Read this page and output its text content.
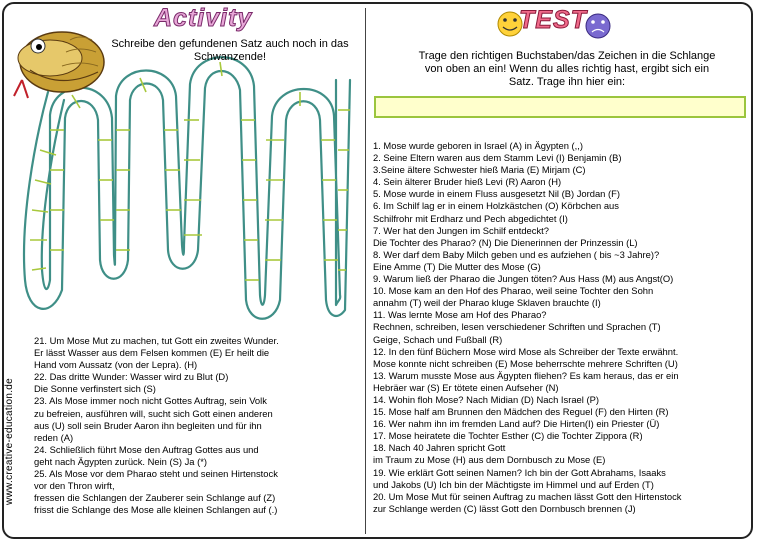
Activity	TEST
Schreibe den gefundenen Satz auch noch in das Schwanzende!	Trage den richtigen Buchstaben/das Zeichen in die Schlange von oben an ein! Wenn du alles richtig hast, ergibt sich ein Satz. Trage ihn hier ein:
1. Mose wurde geboren in Israel (A) in Ägypten (,,)
2. Seine Eltern waren aus dem Stamm Levi (I) Benjamin (B)
3.Seine ältere Schwester hieß Maria (E) Mirjam (C)
4. Sein älterer Bruder hieß Levi (R) Aaron (H)
5. Mose wurde in einem Fluss ausgesetzt Nil (B) Jordan (F)
6. Im Schilf lag er in einem Holzkästchen (O) Körbchen aus
Schilfrohr mit Erdharz und Pech abgedichtet (I)
7. Wer hat den Jungen im Schilf entdeckt?
Die Tochter des Pharao? (N) Die Dienerinnen der Prinzessin (L)
8. Wer darf dem Baby Milch geben und es aufziehen ( bis ~3 Jahre)?
Eine Amme (T) Die Mutter des Mose (G)
9. Warum ließ der Pharao die Jungen töten? Aus Hass (M) aus Angst(O)
10. Mose kam an den Hof des Pharao, weil seine Tochter den Sohn
annahm (T) weil der Pharao kluge Sklaven brauchte (I)
11. Was lernte Mose am Hof des Pharao?
Rechnen, schreiben, lesen verschiedener Schriften und Sprachen (T)
Geige, Schach und Fußball (R)
12. In den fünf Büchern Mose wird Mose als Schreiber der Texte erwähnt.
Mose konnte nicht schreiben (E) Mose beherrschte mehrere Schriften (U)
13. Warum musste Mose aus Ägypten fliehen? Es kam heraus, das er ein
Hebräer war (S) Er tötete einen Aufseher (N)
14. Wohin floh Mose? Nach Midian (D) Nach Israel (P)
15. Mose half am Brunnen den Mädchen des Reguel (F) den Hirten (R)
16. Wer nahm ihn im fremden Land auf? Die Hirten(I) ein Priester (Ü)
17. Mose heiratete die Tochter Esther (C) die Tochter Zippora (R)
18. Nach 40 Jahren spricht Gott
im Traum zu Mose (H) aus dem Dornbusch zu Mose (E)
19. Wie erklärt Gott seinen Namen? Ich bin der Gott Abrahams, Isaaks
und Jakobs (U) Ich bin der Mächtigste im Himmel und auf Erden (T)
20. Um Mose Mut für seinen Auftrag zu machen lässt Gott den Hirtenstock
zur Schlange werden (C) lässt Gott den Dornbusch brennen (J)
21. Um Mose Mut zu machen, tut Gott ein zweites Wunder.
Er lässt Wasser aus dem Felsen kommen (E) Er heilt die
Hand vom Aussatz (von der Lepra). (H)
22. Das dritte Wunder: Wasser wird zu Blut (D)
Die Sonne verfinstert sich (S)
23. Als Mose immer noch nicht Gottes Auftrag, sein Volk
zu befreien, ausführen will, sucht sich Gott einen anderen
aus (U) soll sein Bruder Aaron ihn begleiten und für ihn
reden (A)
24. Schließlich führt Mose den Auftrag Gottes aus und
geht nach Ägypten zurück. Nein (S) Ja (*)
25. Als Mose vor dem Pharao steht und seinen Hirtenstock
vor den Thron wirft,
fressen die Schlangen der Zauberer sein Schlange auf (Z)
frisst die Schlange des Mose alle kleinen Schlangen auf (.)
www.creative-education.de
